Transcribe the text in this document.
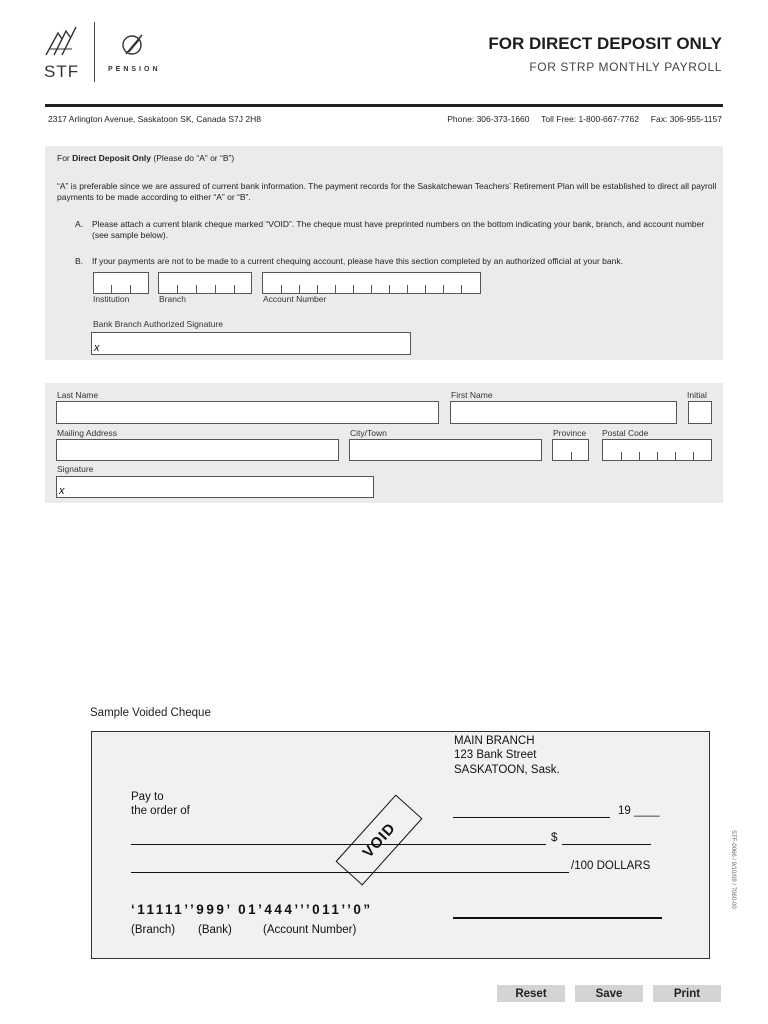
STF	PENSION
FOR DIRECT DEPOSIT ONLY
FOR STRP MONTHLY PAYROLL
2317 Arlington Avenue, Saskatoon SK, Canada S7J 2H8	Phone: 306-373-1660 Toll Free: 1-800-667-7762 Fax: 306-955-1157
For Direct Deposit Only (Please do “A” or “B”)
“A” is preferable since we are assured of current bank information. The payment records for the Saskatchewan Teachers’ Retirement Plan will be established to direct all payroll payments to be made according to either “A” or “B”.
A. Please attach a current blank cheque marked “VOID”. The cheque must have preprinted numbers on the bottom indicating your bank, branch, and account number (see sample below).
B. If your payments are not to be made to a current chequing account, please have this section completed by an authorized official at your bank.
Institution	Branch	Account Number
Bank Branch Authorized Signature
x
Last Name	First Name	Initial
Mailing Address	City/Town	Province Postal Code
Signature
x
Sample Voided Cheque
MAIN BRANCH
123 Bank Street
SASKATOON, Sask.
Pay to
the order of	19 ____
$
/100 DOLLARS
VOID
‘11111’’999’ 01’444’’’011’’0”
(Branch) (Bank)	(Account Number)
STF-0066 / 9/10/09 / 7060-00
Reset	Save	Print
